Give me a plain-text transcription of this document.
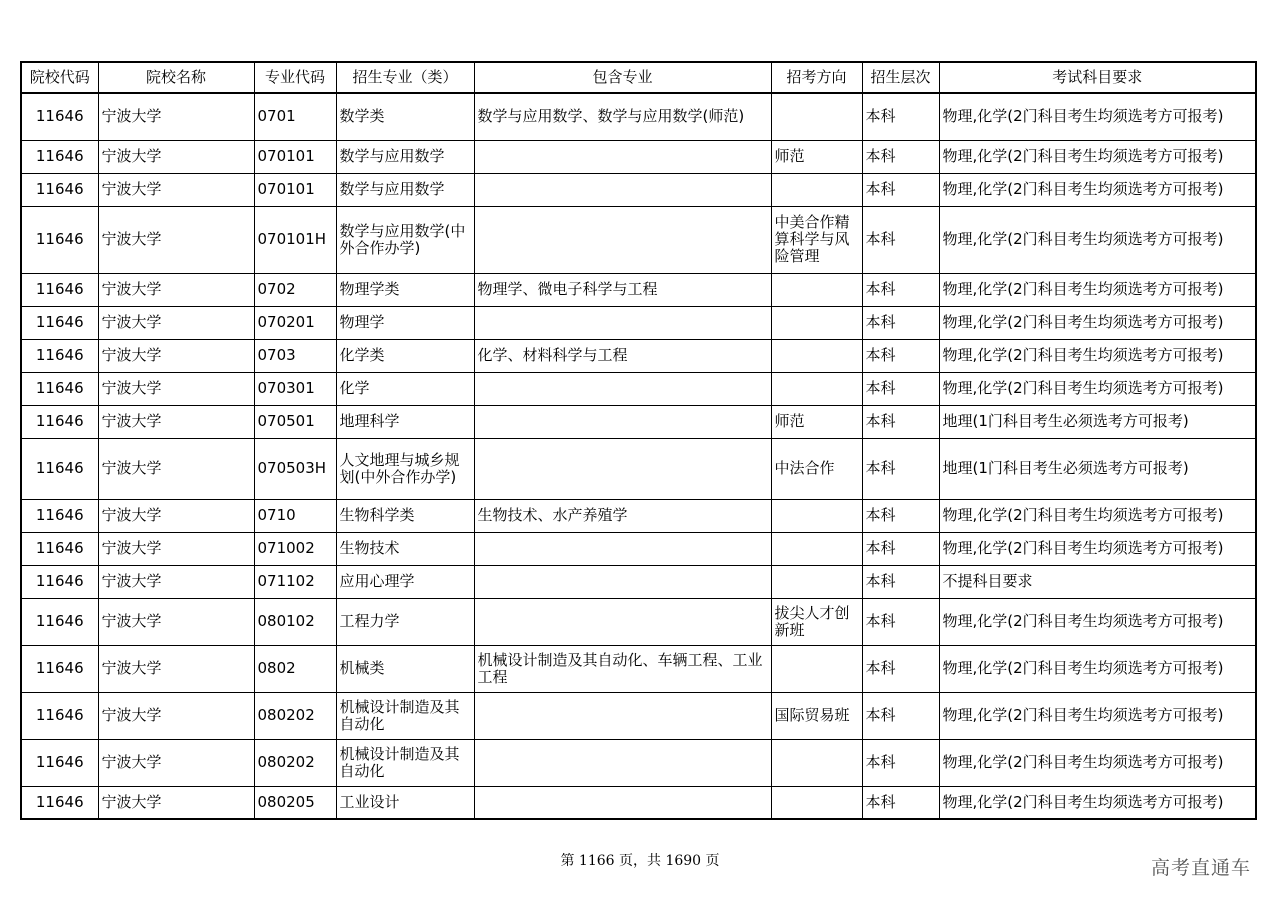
院校代码	院校名称	专业代码	招生专业（类）	包含专业	招考方向	招生层次	考试科目要求
11646	宁波大学	0701	数学类	数学与应用数学、数学与应用数学(师范)		本科	物理,化学(2门科目考生均须选考方可报考)
11646	宁波大学	070101	数学与应用数学		师范	本科	物理,化学(2门科目考生均须选考方可报考)
11646	宁波大学	070101	数学与应用数学			本科	物理,化学(2门科目考生均须选考方可报考)
11646	宁波大学	070101H	数学与应用数学(中外合作办学)		中美合作精算科学与风险管理	本科	物理,化学(2门科目考生均须选考方可报考)
11646	宁波大学	0702	物理学类	物理学、微电子科学与工程		本科	物理,化学(2门科目考生均须选考方可报考)
11646	宁波大学	070201	物理学			本科	物理,化学(2门科目考生均须选考方可报考)
11646	宁波大学	0703	化学类	化学、材料科学与工程		本科	物理,化学(2门科目考生均须选考方可报考)
11646	宁波大学	070301	化学			本科	物理,化学(2门科目考生均须选考方可报考)
11646	宁波大学	070501	地理科学		师范	本科	地理(1门科目考生必须选考方可报考)
11646	宁波大学	070503H	人文地理与城乡规划(中外合作办学)		中法合作	本科	地理(1门科目考生必须选考方可报考)
11646	宁波大学	0710	生物科学类	生物技术、水产养殖学		本科	物理,化学(2门科目考生均须选考方可报考)
11646	宁波大学	071002	生物技术			本科	物理,化学(2门科目考生均须选考方可报考)
11646	宁波大学	071102	应用心理学			本科	不提科目要求
11646	宁波大学	080102	工程力学		拔尖人才创新班	本科	物理,化学(2门科目考生均须选考方可报考)
11646	宁波大学	0802	机械类	机械设计制造及其自动化、车辆工程、工业工程		本科	物理,化学(2门科目考生均须选考方可报考)
11646	宁波大学	080202	机械设计制造及其自动化		国际贸易班	本科	物理,化学(2门科目考生均须选考方可报考)
11646	宁波大学	080202	机械设计制造及其自动化			本科	物理,化学(2门科目考生均须选考方可报考)
11646	宁波大学	080205	工业设计			本科	物理,化学(2门科目考生均须选考方可报考)
第 1166 页，共 1690 页	高考直通车
